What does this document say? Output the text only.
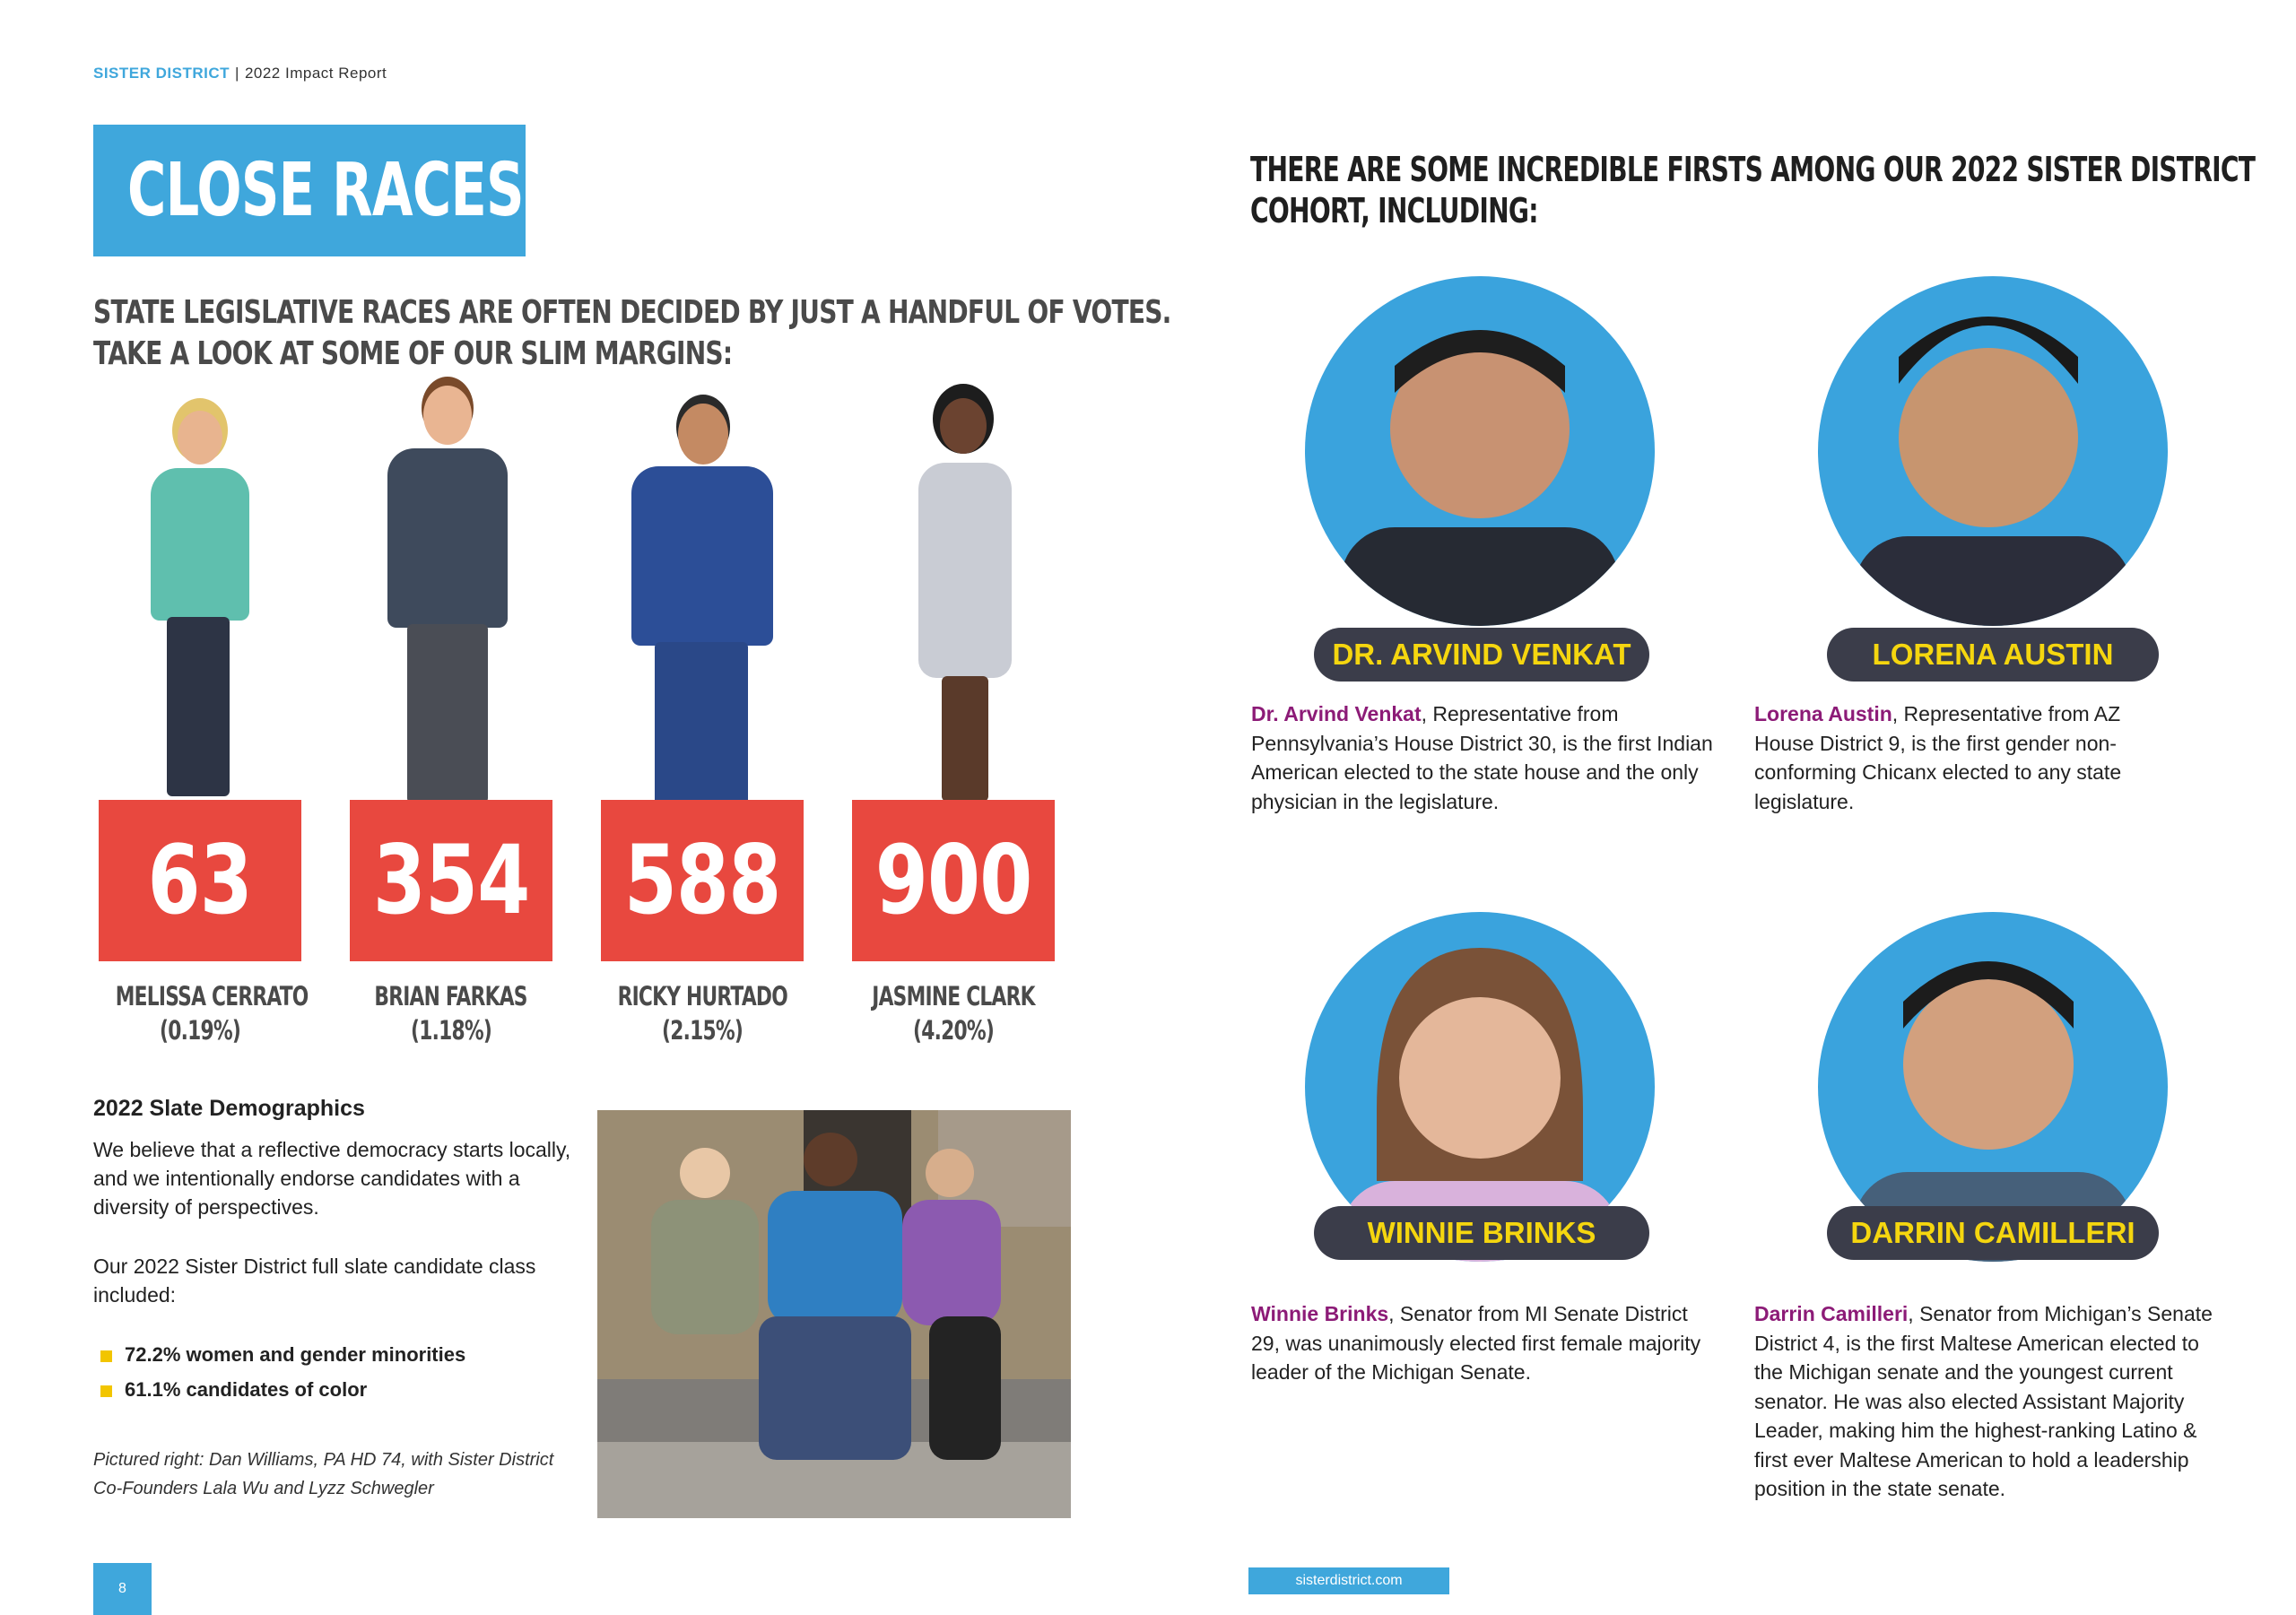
SISTER DISTRICT | 2022 Impact Report
CLOSE RACES
STATE LEGISLATIVE RACES ARE OFTEN DECIDED BY JUST A HANDFUL OF VOTES.
TAKE A LOOK AT SOME OF OUR SLIM MARGINS:
63	354 588 900
MELISSA CERRATO
(0.19%)
BRIAN FARKAS
(1.18%)
RICKY HURTADO
(2.15%)
JASMINE CLARK
(4.20%)
2022 Slate Demographics
We believe that a reflective democracy starts locally, and we intentionally endorse candidates with a diversity of perspectives.
Our 2022 Sister District full slate candidate class included:
72.2% women and gender minorities
61.1% candidates of color
Pictured right: Dan Williams, PA HD 74, with Sister District Co-Founders Lala Wu and Lyzz Schwegler
THERE ARE SOME INCREDIBLE FIRSTS AMONG OUR 2022 SISTER DISTRICT
COHORT, INCLUDING:
DR. ARVIND VENKAT	LORENA AUSTIN
WINNIE BRINKS	DARRIN CAMILLERI
Dr. Arvind Venkat, Representative from Pennsylvania’s House District 30, is the first Indian American elected to the state house and the only physician in the legislature.
Lorena Austin, Representative from AZ House District 9, is the first gender non-conforming Chicanx elected to any state legislature.
Winnie Brinks, Senator from MI Senate District 29, was unanimously elected first female majority leader of the Michigan Senate.
Darrin Camilleri, Senator from Michigan’s Senate District 4, is the first Maltese American elected to the Michigan senate and the youngest current senator. He was also elected Assistant Majority Leader, making him the highest-ranking Latino & first ever Maltese American to hold a leadership position in the state senate.
8
sisterdistrict.com
